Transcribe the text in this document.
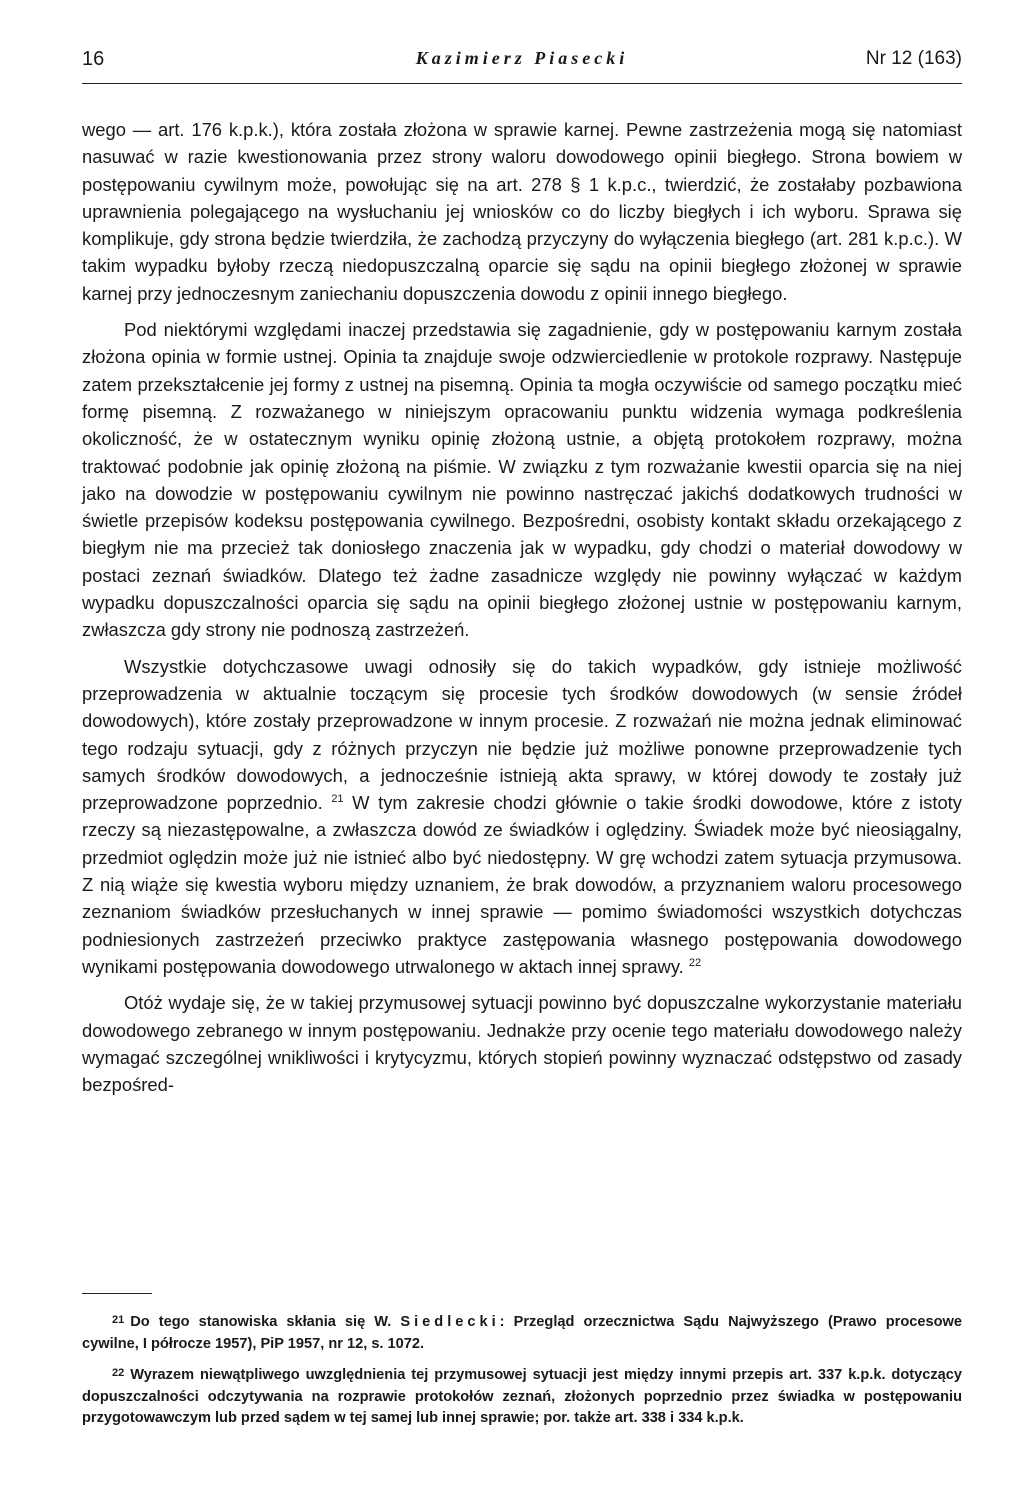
16	Kazimierz Piasecki	Nr 12 (163)

wego — art. 176 k.p.k.), która została złożona w sprawie karnej. Pewne zastrzeżenia mogą się natomiast nasuwać w razie kwestionowania przez strony waloru dowodowego opinii biegłego. Strona bowiem w postępowaniu cywilnym może, powołując się na art. 278 § 1 k.p.c., twierdzić, że zostałaby pozbawiona uprawnienia polegającego na wysłuchaniu jej wniosków co do liczby biegłych i ich wyboru. Sprawa się komplikuje, gdy strona będzie twierdziła, że zachodzą przyczyny do wyłączenia biegłego (art. 281 k.p.c.). W takim wypadku byłoby rzeczą niedopuszczalną oparcie się sądu na opinii biegłego złożonej w sprawie karnej przy jednoczesnym zaniechaniu dopuszczenia dowodu z opinii innego biegłego.

Pod niektórymi względami inaczej przedstawia się zagadnienie, gdy w postępowaniu karnym została złożona opinia w formie ustnej. Opinia ta znajduje swoje odzwierciedlenie w protokole rozprawy. Następuje zatem przekształcenie jej formy z ustnej na pisemną. Opinia ta mogła oczywiście od samego początku mieć formę pisemną. Z rozważanego w niniejszym opracowaniu punktu widzenia wymaga podkreślenia okoliczność, że w ostatecznym wyniku opinię złożoną ustnie, a objętą protokołem rozprawy, można traktować podobnie jak opinię złożoną na piśmie. W związku z tym rozważanie kwestii oparcia się na niej jako na dowodzie w postępowaniu cywilnym nie powinno nastręczać jakichś dodatkowych trudności w świetle przepisów kodeksu postępowania cywilnego. Bezpośredni, osobisty kontakt składu orzekającego z biegłym nie ma przecież tak doniosłego znaczenia jak w wypadku, gdy chodzi o materiał dowodowy w postaci zeznań świadków. Dlatego też żadne zasadnicze względy nie powinny wyłączać w każdym wypadku dopuszczalności oparcia się sądu na opinii biegłego złożonej ustnie w postępowaniu karnym, zwłaszcza gdy strony nie podnoszą zastrzeżeń.

Wszystkie dotychczasowe uwagi odnosiły się do takich wypadków, gdy istnieje możliwość przeprowadzenia w aktualnie toczącym się procesie tych środków dowodowych (w sensie źródeł dowodowych), które zostały przeprowadzone w innym procesie. Z rozważań nie można jednak eliminować tego rodzaju sytuacji, gdy z różnych przyczyn nie będzie już możliwe ponowne przeprowadzenie tych samych środków dowodowych, a jednocześnie istnieją akta sprawy, w której dowody te zostały już przeprowadzone poprzednio. $^{21}$ W tym zakresie chodzi głównie o takie środki dowodowe, które z istoty rzeczy są niezastępowalne, a zwłaszcza dowód ze świadków i oględziny. Świadek może być nieosiągalny, przedmiot oględzin może już nie istnieć albo być niedostępny. W grę wchodzi zatem sytuacja przymusowa. Z nią wiąże się kwestia wyboru między uznaniem, że brak dowodów, a przyznaniem waloru procesowego zeznaniom świadków przesłuchanych w innej sprawie — pomimo świadomości wszystkich dotychczas podniesionych zastrzeżeń przeciwko praktyce zastępowania własnego postępowania dowodowego wynikami postępowania dowodowego utrwalonego w aktach innej sprawy. $^{22}$

Otóż wydaje się, że w takiej przymusowej sytuacji powinno być dopuszczalne wykorzystanie materiału dowodowego zebranego w innym postępowaniu. Jednakże przy ocenie tego materiału dowodowego należy wymagać szczególnej wnikliwości i krytycyzmu, których stopień powinny wyznaczać odstępstwo od zasady bezpośred-

$^{21}$ Do tego stanowiska skłania się W. Siedlecki: Przegląd orzecznictwa Sądu Najwyższego (Prawo procesowe cywilne, I półrocze 1957), PiP 1957, nr 12, s. 1072.

$^{22}$ Wyrazem niewątpliwego uwzględnienia tej przymusowej sytuacji jest między innymi przepis art. 337 k.p.k. dotyczący dopuszczalności odczytywania na rozprawie protokołów zeznań, złożonych poprzednio przez świadka w postępowaniu przygotowawczym lub przed sądem w tej samej lub innej sprawie; por. także art. 338 i 334 k.p.k.
